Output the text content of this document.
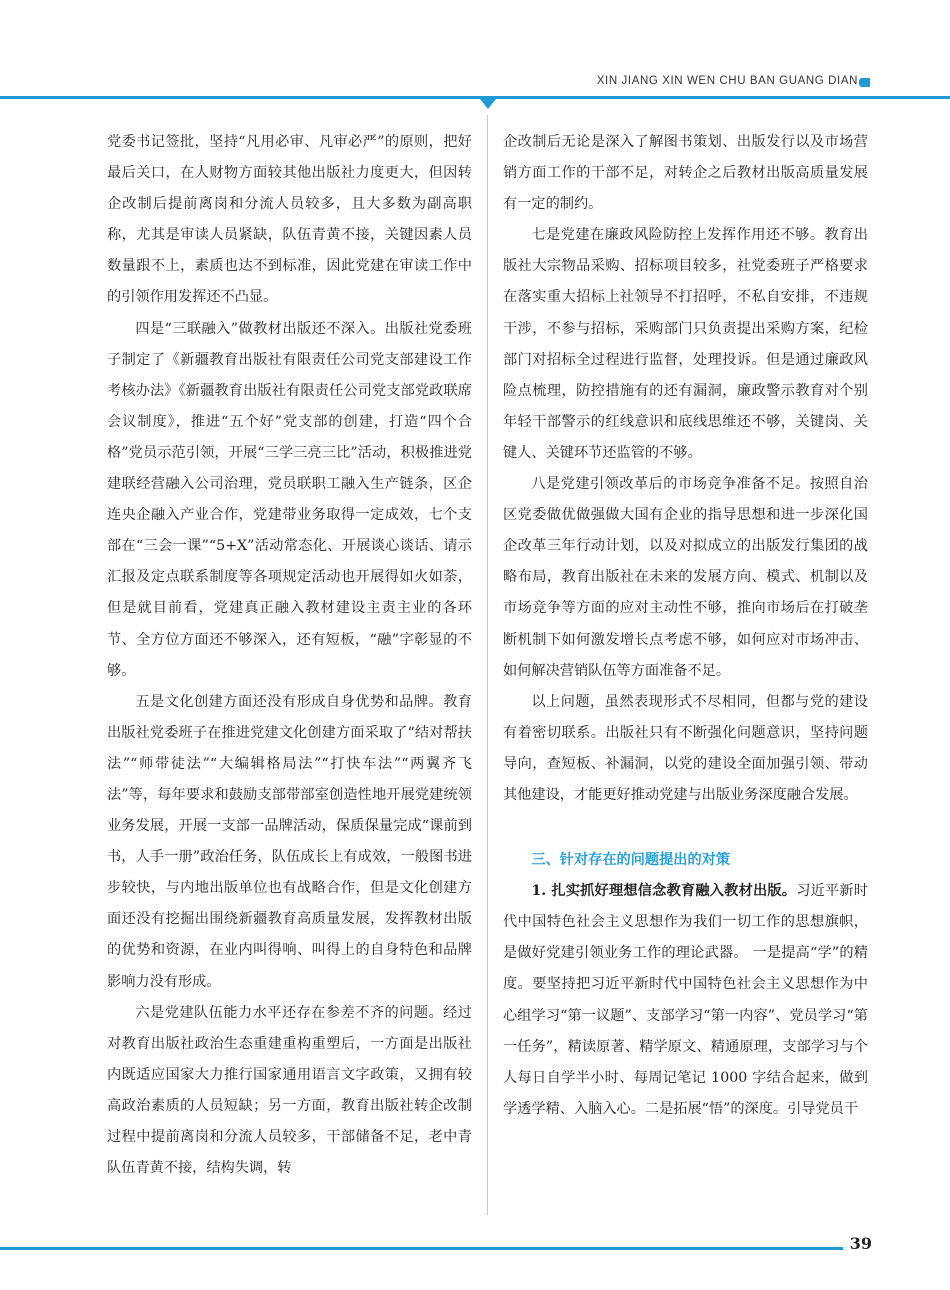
XIN JIANG XIN WEN CHU BAN GUANG DIAN

党委书记签批，坚持“凡用必审、凡审必严”的原则，把好最后关口，在人财物方面较其他出版社力度更大，但因转企改制后提前离岗和分流人员较多，且大多数为副高职称，尤其是审读人员紧缺，队伍青黄不接，关键因素人员数量跟不上，素质也达不到标准，因此党建在审读工作中的引领作用发挥还不凸显。

四是“三联融入”做教材出版还不深入。出版社党委班子制定了《新疆教育出版社有限责任公司党支部建设工作考核办法》《新疆教育出版社有限责任公司党支部党政联席会议制度》，推进“五个好”党支部的创建，打造“四个合格”党员示范引领，开展“三学三亮三比”活动，积极推进党建联经营融入公司治理，党员联职工融入生产链条，区企连央企融入产业合作，党建带业务取得一定成效，七个支部在“三会一课”“5+X”活动常态化、开展谈心谈话、请示汇报及定点联系制度等各项规定活动也开展得如火如荼，但是就目前看，党建真正融入教材建设主责主业的各环节、全方位方面还不够深入，还有短板，“融”字彰显的不够。

五是文化创建方面还没有形成自身优势和品牌。教育出版社党委班子在推进党建文化创建方面采取了“结对帮扶法”“师带徒法”“大编辑格局法”“打快车法”“两翼齐飞法”等，每年要求和鼓励支部带部室创造性地开展党建统领业务发展，开展一支部一品牌活动，保质保量完成“课前到书，人手一册”政治任务，队伍成长上有成效，一般图书进步较快，与内地出版单位也有战略合作，但是文化创建方面还没有挖掘出围绕新疆教育高质量发展，发挥教材出版的优势和资源，在业内叫得响、叫得上的自身特色和品牌影响力没有形成。

六是党建队伍能力水平还存在参差不齐的问题。经过对教育出版社政治生态重建重构重塑后，一方面是出版社内既适应国家大力推行国家通用语言文字政策，又拥有较高政治素质的人员短缺；另一方面，教育出版社转企改制过程中提前离岗和分流人员较多，干部储备不足，老中青队伍青黄不接，结构失调，转

企改制后无论是深入了解图书策划、出版发行以及市场营销方面工作的干部不足，对转企之后教材出版高质量发展有一定的制约。

七是党建在廉政风险防控上发挥作用还不够。教育出版社大宗物品采购、招标项目较多，社党委班子严格要求在落实重大招标上社领导不打招呼，不私自安排，不违规干涉，不参与招标，采购部门只负责提出采购方案，纪检部门对招标全过程进行监督，处理投诉。但是通过廉政风险点梳理，防控措施有的还有漏洞，廉政警示教育对个别年轻干部警示的红线意识和底线思维还不够，关键岗、关键人、关键环节还监管的不够。

八是党建引领改革后的市场竞争准备不足。按照自治区党委做优做强做大国有企业的指导思想和进一步深化国企改革三年行动计划，以及对拟成立的出版发行集团的战略布局，教育出版社在未来的发展方向、模式、机制以及市场竞争等方面的应对主动性不够，推向市场后在打破垄断机制下如何激发增长点考虑不够，如何应对市场冲击、如何解决营销队伍等方面准备不足。

以上问题，虽然表现形式不尽相同，但都与党的建设有着密切联系。出版社只有不断强化问题意识，坚持问题导向，查短板、补漏洞，以党的建设全面加强引领、带动其他建设，才能更好推动党建与出版业务深度融合发展。

三、针对存在的问题提出的对策

1. 扎实抓好理想信念教育融入教材出版。习近平新时代中国特色社会主义思想作为我们一切工作的思想旗帜，是做好党建引领业务工作的理论武器。 一是提高“学”的精度。要坚持把习近平新时代中国特色社会主义思想作为中心组学习“第一议题”、支部学习“第一内容”、党员学习“第一任务”，精读原著、精学原文、精通原理，支部学习与个人每日自学半小时、每周记笔记 1000 字结合起来，做到学透学精、入脑入心。二是拓展“悟”的深度。引导党员干

39
